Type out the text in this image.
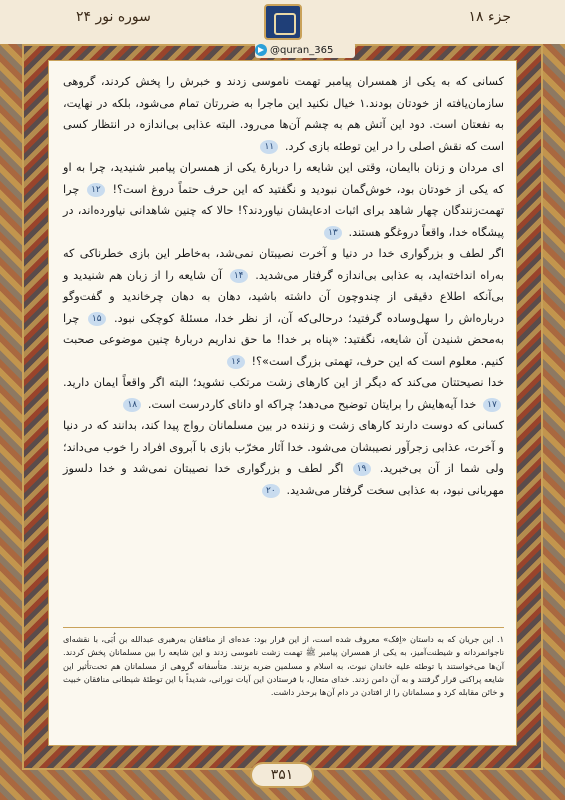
جزء ۱۸
سوره نور ۲۴
@quran_365
کسانی که به یکی از همسران پیامبر تهمت ناموسی زدند و خبرش را پخش کردند، گروهی سازمان‌یافته از خودتان بودند.۱ خیال نکنید این ماجرا به ضررتان تمام می‌شود، بلکه در نهایت، به نفعتان است. دود این آتش هم به چشم آن‌ها می‌رود. البته عذابی بی‌اندازه در انتظار کسی است که نقش اصلی را در این توطئه بازی کرد. ۱۱
ای مردان و زنان باایمان، وقتی این شایعه را دربارهٔ یکی از همسران پیامبر شنیدید، چرا به او که یکی از خودتان بود، خوش‌گمان نبودید و نگفتید که این حرف حتماً دروغ است؟! ۱۲ چرا تهمت‌زنندگان چهار شاهد برای اثبات ادعایشان نیاوردند؟! حالا که چنین شاهدانی نیاورده‌اند، در پیشگاه خدا، واقعاً دروغگو هستند. ۱۳
اگر لطف و بزرگواری خدا در دنیا و آخرت نصیبتان نمی‌شد، به‌خاطر این بازی خطرناکی که به‌راه انداخته‌اید، به عذابی بی‌اندازه گرفتار می‌شدید. ۱۴ آن شایعه را از زبان هم شنیدید و بی‌آنکه اطلاع دقیقی از چندوچون آن داشته باشید، دهان به دهان چرخاندید و گفت‌وگو درباره‌اش را سهل‌وساده گرفتید؛ درحالی‌که آن، از نظر خدا، مسئلهٔ کوچکی نبود. ۱۵ چرا به‌محض شنیدن آن شایعه، نگفتید: «پناه بر خدا! ما حق نداریم دربارهٔ چنین موضوعی صحبت کنیم. معلوم است که این حرف، تهمتی بزرگ است»؟! ۱۶
خدا نصیحتتان می‌کند که دیگر از این کارهای زشت مرتکب نشوید؛ البته اگر واقعاً ایمان دارید. ۱۷ خدا آیه‌هایش را برایتان توضیح می‌دهد؛ چراکه او دانای کاردرست است. ۱۸
کسانی که دوست دارند کارهای زشت و زننده در بین مسلمانان رواج پیدا کند، بدانند که در دنیا و آخرت، عذابی زجرآور نصیبشان می‌شود. خدا آثار مخرّب بازی با آبروی افراد را خوب می‌داند؛ ولی شما از آن بی‌خبرید. ۱۹ اگر لطف و بزرگواری خدا نصیبتان نمی‌شد و خدا دلسوز مهربانی نبود، به عذابی سخت گرفتار می‌شدید. ۲۰
۱. این جریان که به داستان «اِفک» معروف شده است، از این قرار بود: عده‌ای از منافقان به‌رهبری عبدالله بن اُبَی، با نقشه‌ای ناجوانمردانه و شیطنت‌آمیز، به یکی از همسران پیامبر ﷺ تهمت زشت ناموسی زدند و این شایعه را بین مسلمانان پخش کردند. آن‌ها می‌خواستند با توطئه علیه خاندان نبوت، به اسلام و مسلمین ضربه بزنند. متأسفانه گروهی از مسلمانان هم تحت‌تأثیر این شایعه پراکنی قرار گرفتند و به آن دامن زدند. خدای متعال، با فرستادن این آیات نورانی، شدیداً با این توطئهٔ شیطانی منافقان خبیث و خائن مقابله کرد و مسلمانان را از افتادن در دام آن‌ها برحذر داشت.
۳۵۱
